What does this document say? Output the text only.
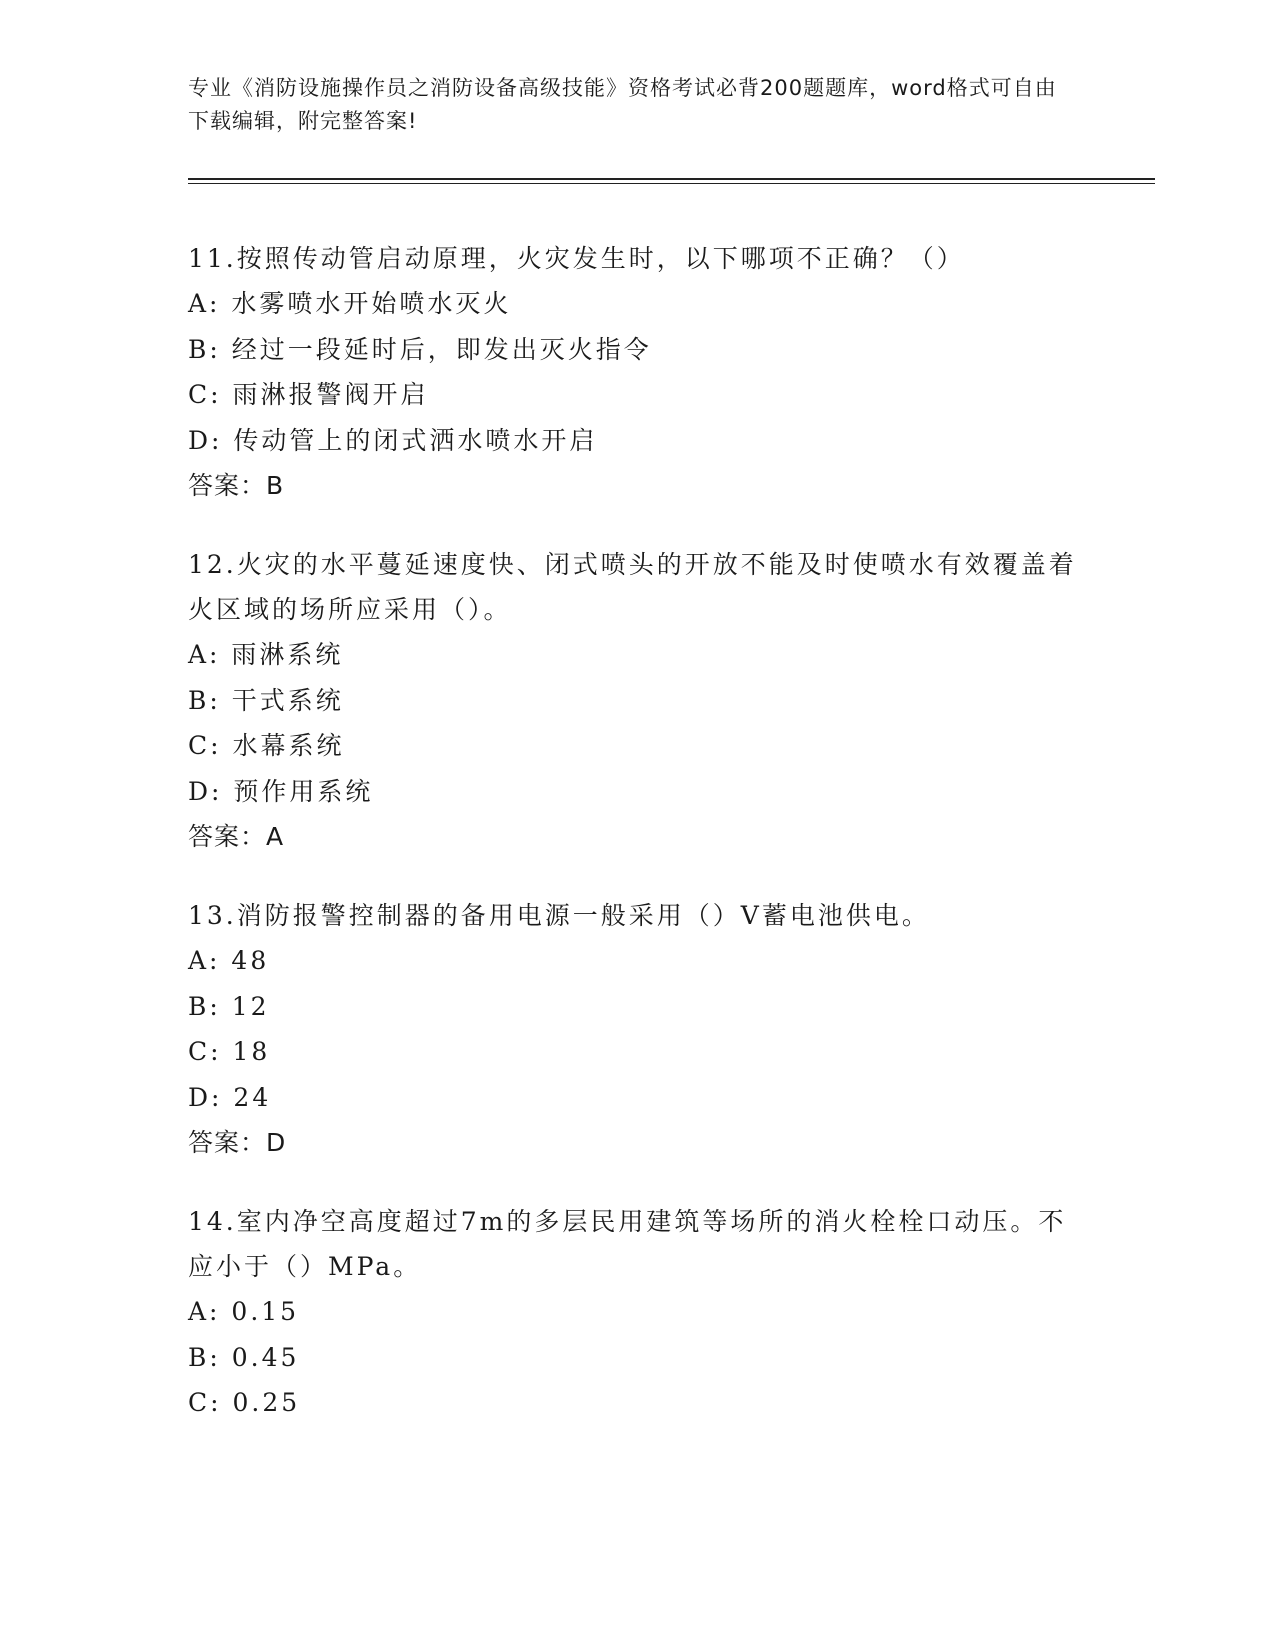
专业《消防设施操作员之消防设备高级技能》资格考试必背200题题库，word格式可自由下载编辑，附完整答案!
11.按照传动管启动原理，火灾发生时，以下哪项不正确？（）
A: 水雾喷水开始喷水灭火
B: 经过一段延时后，即发出灭火指令
C: 雨淋报警阀开启
D: 传动管上的闭式洒水喷水开启
答案：B
12.火灾的水平蔓延速度快、闭式喷头的开放不能及时使喷水有效覆盖着火区域的场所应采用（）。
A: 雨淋系统
B: 干式系统
C: 水幕系统
D: 预作用系统
答案：A
13.消防报警控制器的备用电源一般采用（）V蓄电池供电。
A: 48
B: 12
C: 18
D: 24
答案：D
14.室内净空高度超过7m的多层民用建筑等场所的消火栓栓口动压。不应小于（）MPa。
A: 0.15
B: 0.45
C: 0.25
